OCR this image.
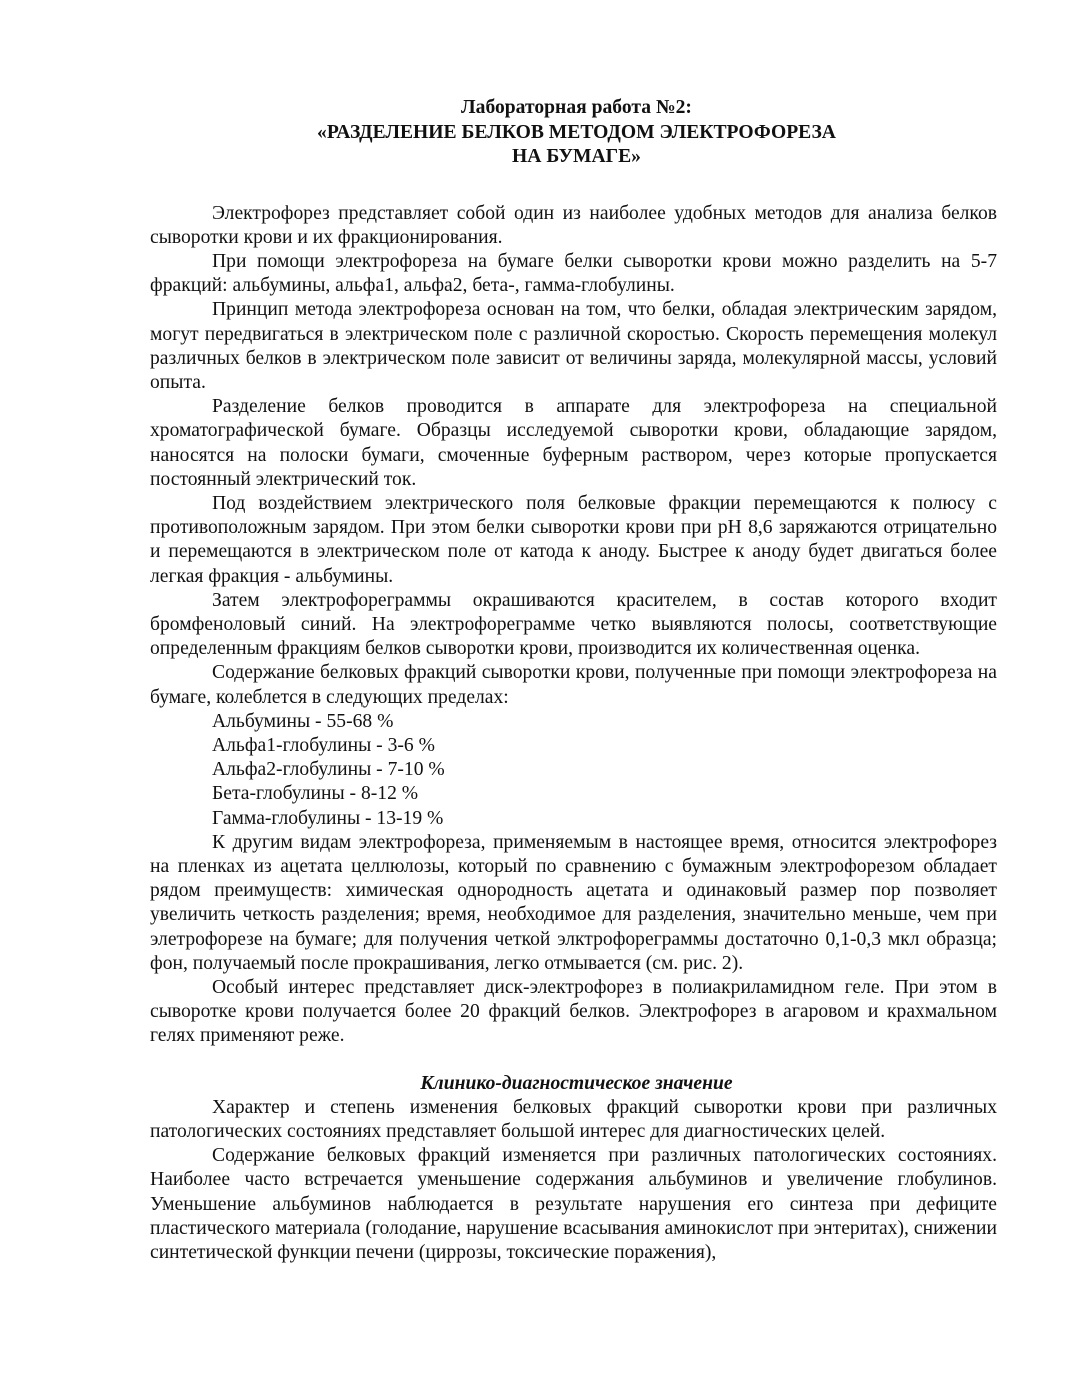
Лабораторная работа №2:
«РАЗДЕЛЕНИЕ БЕЛКОВ МЕТОДОМ ЭЛЕКТРОФОРЕЗА
НА БУМАГЕ»

Электрофорез представляет собой один из наиболее удобных методов для анализа белков сыворотки крови и их фракционирования.

При помощи электрофореза на бумаге белки сыворотки крови можно разделить на 5-7 фракций: альбумины, альфа1, альфа2, бета-, гамма-глобулины.

Принцип метода электрофореза основан на том, что белки, обладая электрическим зарядом, могут передвигаться в электрическом поле с различной скоростью. Скорость перемещения молекул различных белков в электрическом поле зависит от величины заряда, молекулярной массы, условий опыта.

Разделение белков проводится в аппарате для электрофореза на специальной хроматографической бумаге. Образцы исследуемой сыворотки крови, обладающие зарядом, наносятся на полоски бумаги, смоченные буферным раствором, через которые пропускается постоянный электрический ток.

Под воздействием электрического поля белковые фракции перемещаются к полюсу с противоположным зарядом. При этом белки сыворотки крови при pH 8,6 заряжаются отрицательно и перемещаются в электрическом поле от катода к аноду. Быстрее к аноду будет двигаться более легкая фракция - альбумины.

Затем электрофореграммы окрашиваются красителем, в состав которого входит бромфеноловый синий. На электрофореграмме четко выявляются полосы, соответствующие определенным фракциям белков сыворотки крови, производится их количественная оценка.

Содержание белковых фракций сыворотки крови, полученные при помощи электрофореза на бумаге, колеблется в следующих пределах:

Альбумины - 55-68 %
Альфа1-глобулины - 3-6 %
Альфа2-глобулины - 7-10 %
Бета-глобулины - 8-12 %
Гамма-глобулины - 13-19 %

К другим видам электрофореза, применяемым в настоящее время, относится электрофорез на пленках из ацетата целлюлозы, который по сравнению с бумажным электрофорезом обладает рядом преимуществ: химическая однородность ацетата и одинаковый размер пор позволяет увеличить четкость разделения; время, необходимое для разделения, значительно меньше, чем при элетрофорезе на бумаге; для получения четкой элктрофореграммы достаточно 0,1-0,3 мкл образца; фон, получаемый после прокрашивания, легко отмывается (см. рис. 2).

Особый интерес представляет диск-электрофорез в полиакриламидном геле. При этом в сыворотке крови получается более 20 фракций белков. Электрофорез в агаровом и крахмальном гелях применяют реже.

Клинико-диагностическое значение

Характер и степень изменения белковых фракций сыворотки крови при различных патологических состояниях представляет большой интерес для диагностических целей.

Содержание белковых фракций изменяется при различных патологических состояниях. Наиболее часто встречается уменьшение содержания альбуминов и увеличение глобулинов. Уменьшение альбуминов наблюдается в результате нарушения его синтеза при дефиците пластического материала (голодание, нарушение всасывания аминокислот при энтеритах), снижении синтетической функции печени (циррозы, токсические поражения),
